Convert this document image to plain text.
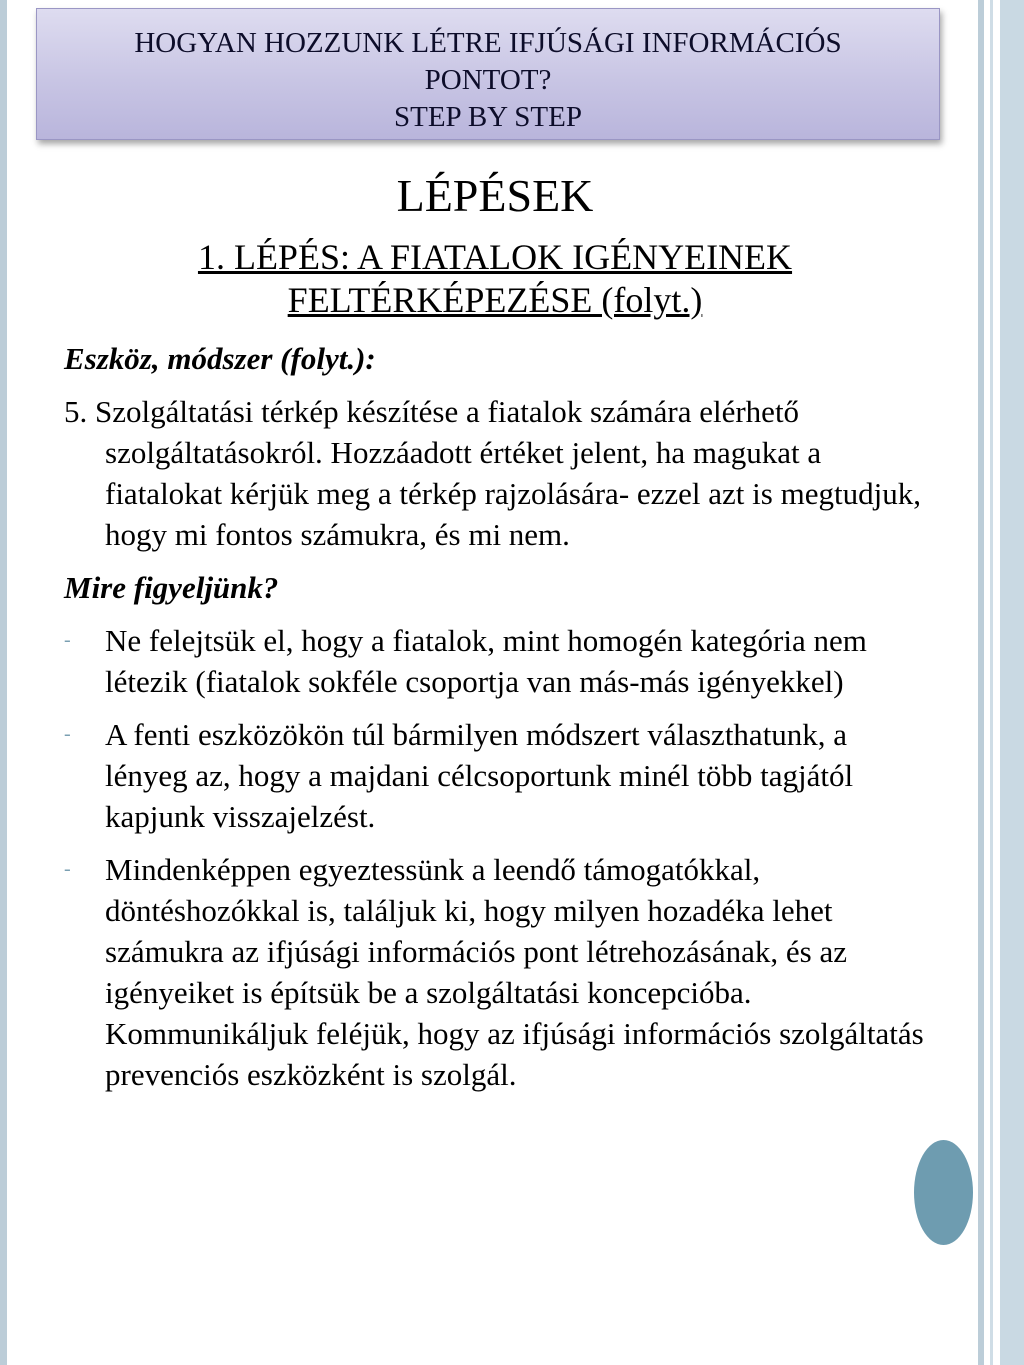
HOGYAN HOZZUNK LÉTRE IFJÚSÁGI INFORMÁCIÓS
PONTOT?
STEP BY STEP
LÉPÉSEK
1. LÉPÉS: A FIATALOK IGÉNYEINEK
FELTÉRKÉPEZÉSE (folyt.)

Eszköz, módszer (folyt.):

5. Szolgáltatási térkép készítése a fiatalok számára elérhető szolgáltatásokról. Hozzáadott értéket jelent, ha magukat a fiatalokat kérjük meg a térkép rajzolására- ezzel azt is megtudjuk, hogy mi fontos számukra, és mi nem.

Mire figyeljünk?

- Ne felejtsük el, hogy a fiatalok, mint homogén kategória nem létezik (fiatalok sokféle csoportja van más-más igényekkel)
- A fenti eszközökön túl bármilyen módszert választhatunk, a lényeg az, hogy a majdani célcsoportunk minél több tagjától kapjunk visszajelzést.
- Mindenképpen egyeztessünk a leendő támogatókkal, döntéshozókkal is, találjuk ki, hogy milyen hozadéka lehet számukra az ifjúsági információs pont létrehozásának, és az igényeiket is építsük be a szolgáltatási koncepcióba. Kommunikáljuk feléjük, hogy az ifjúsági információs szolgáltatás prevenciós eszközként is szolgál.
